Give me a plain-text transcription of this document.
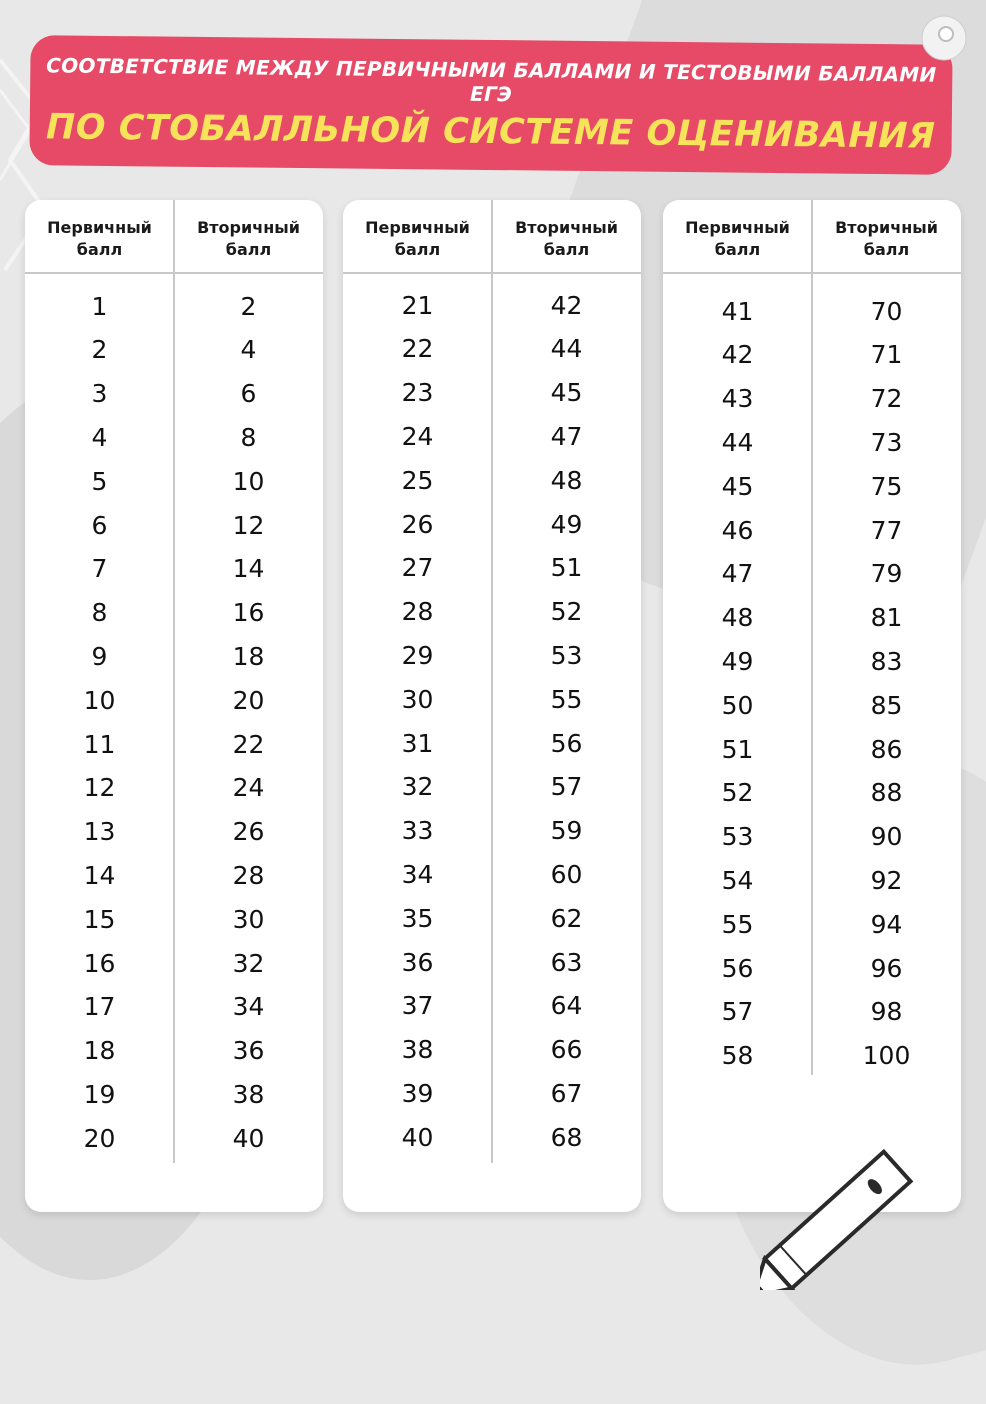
СООТВЕТСТВИЕ МЕЖДУ ПЕРВИЧНЫМИ БАЛЛАМИ И ТЕСТОВЫМИ БАЛЛАМИ ЕГЭ
ПО СТОБАЛЛЬНОЙ СИСТЕМЕ ОЦЕНИВАНИЯ
Первичный балл
Вторичный балл
1	2
2	4
3	6
4	8
5	10
6	12
7	14
8	16
9	18
10	20
11	22
12	24
13	26
14	28
15	30
16	32
17	34
18	36
19	38
20	40
Первичный балл
Вторичный балл
21	42
22	44
23	45
24	47
25	48
26	49
27	51
28	52
29	53
30	55
31	56
32	57
33	59
34	60
35	62
36	63
37	64
38	66
39	67
40	68
Первичный балл
Вторичный балл
41	70
42	71
43	72
44	73
45	75
46	77
47	79
48	81
49	83
50	85
51	86
52	88
53	90
54	92
55	94
56	96
57	98
58	100
